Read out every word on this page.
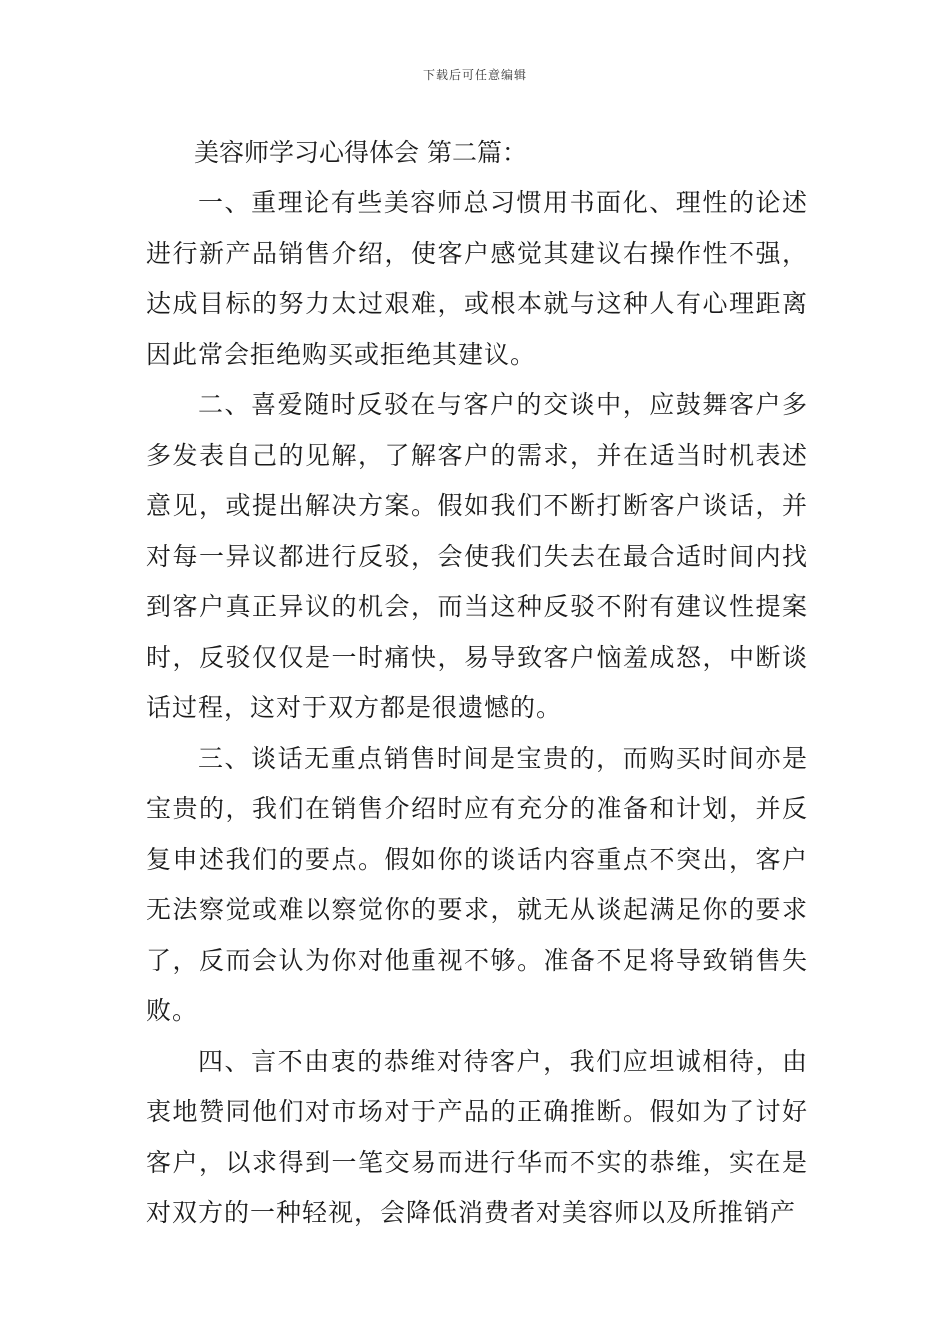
下载后可任意编辑
美容师学习心得体会 第二篇：

一、重理论有些美容师总习惯用书面化、理性的论述进行新产品销售介绍，使客户感觉其建议右操作性不强，达成目标的努力太过艰难，或根本就与这种人有心理距离因此常会拒绝购买或拒绝其建议。

二、喜爱随时反驳在与客户的交谈中，应鼓舞客户多多发表自己的见解，了解客户的需求，并在适当时机表述意见，或提出解决方案。假如我们不断打断客户谈话，并对每一异议都进行反驳，会使我们失去在最合适时间内找到客户真正异议的机会，而当这种反驳不附有建议性提案时，反驳仅仅是一时痛快，易导致客户恼羞成怒，中断谈话过程，这对于双方都是很遗憾的。

三、谈话无重点销售时间是宝贵的，而购买时间亦是宝贵的，我们在销售介绍时应有充分的准备和计划，并反复申述我们的要点。假如你的谈话内容重点不突出，客户无法察觉或难以察觉你的要求，就无从谈起满足你的要求了，反而会认为你对他重视不够。准备不足将导致销售失败。

四、言不由衷的恭维对待客户，我们应坦诚相待，由衷地赞同他们对市场对于产品的正确推断。假如为了讨好客户，以求得到一笔交易而进行华而不实的恭维，实在是对双方的一种轻视，会降低消费者对美容师以及所推销产
